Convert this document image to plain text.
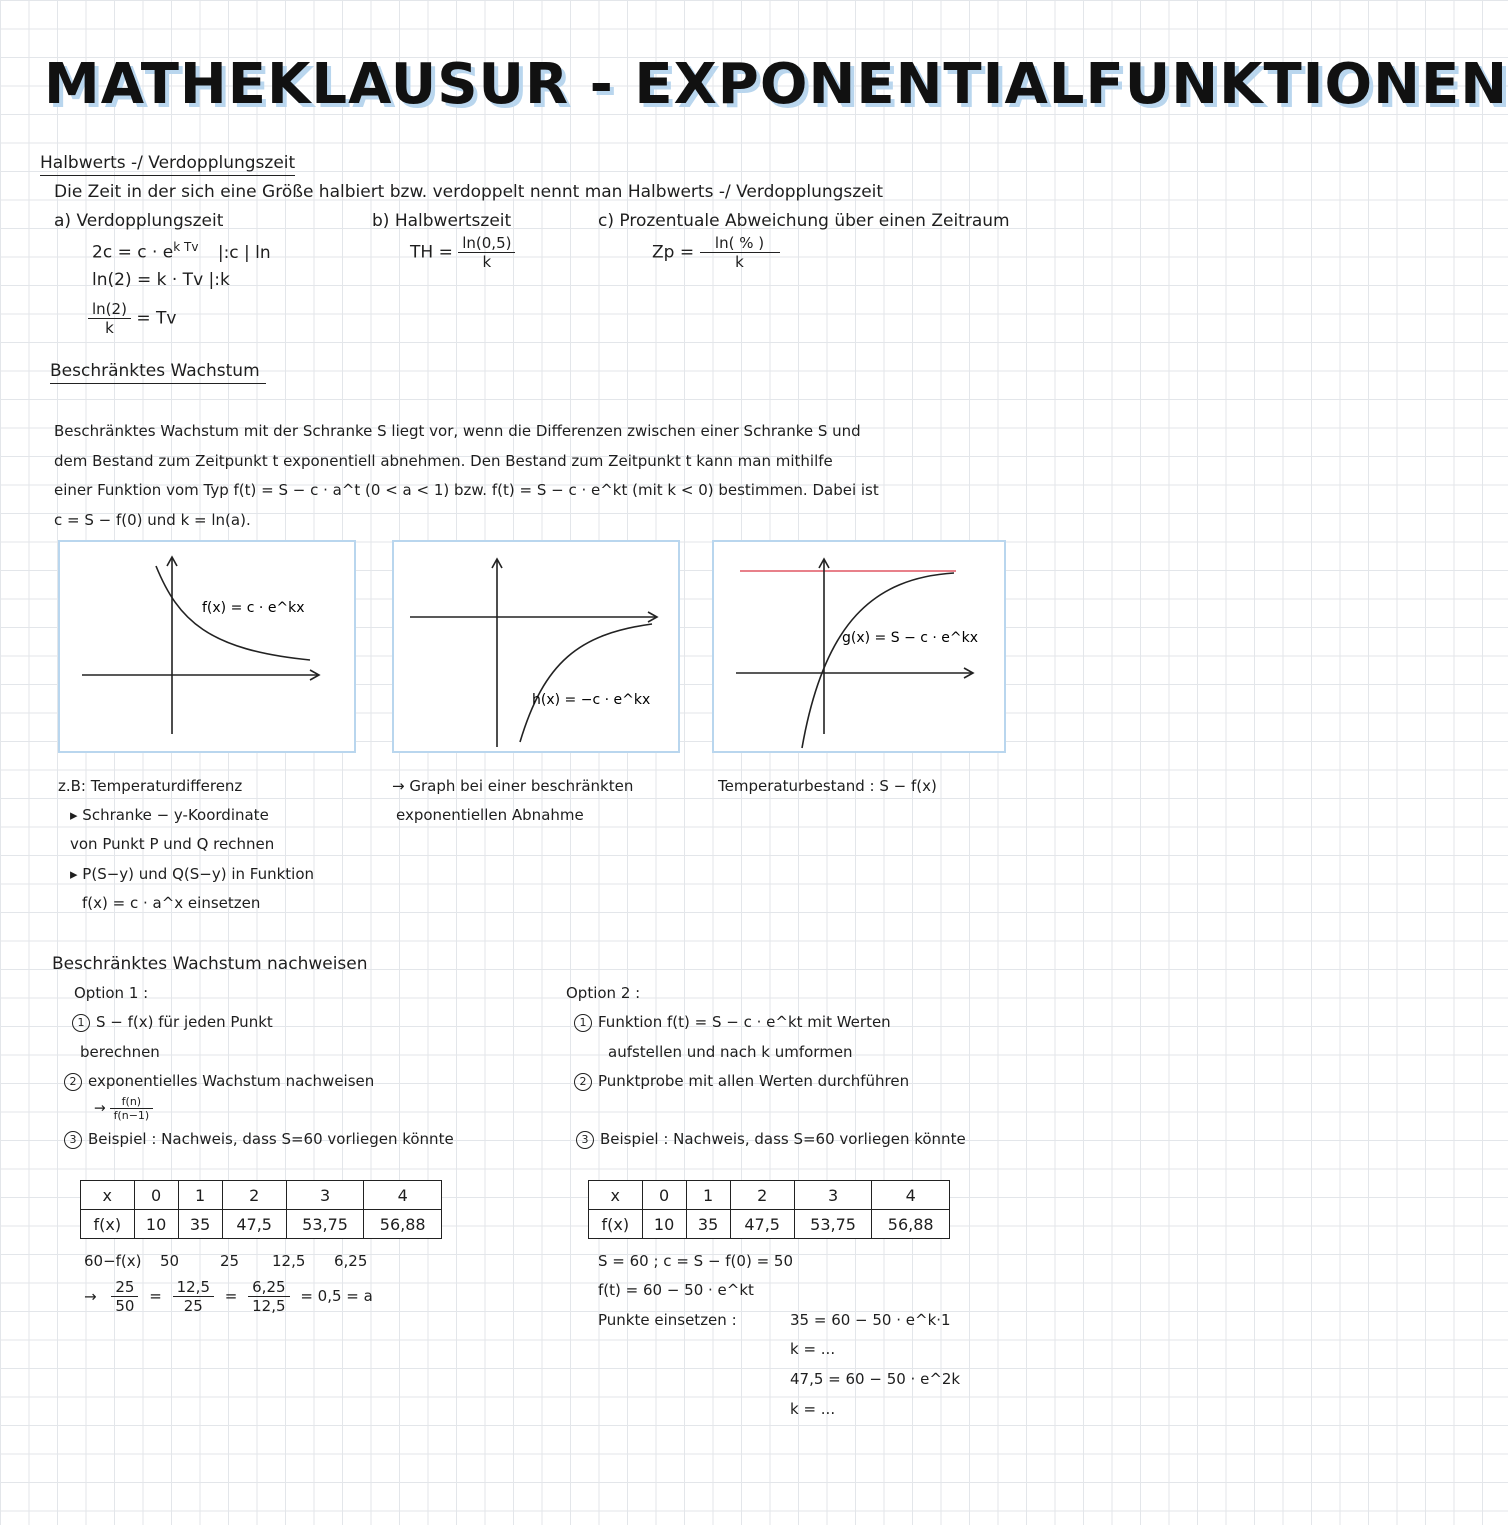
MATHEKLAUSUR - EXPONENTIALFUNKTIONEN
Halbwerts -/ Verdopplungszeit
Die Zeit in der sich eine Größe halbiert bzw. verdoppelt nennt man Halbwerts -/ Verdopplungszeit
a) Verdopplungszeit
$2c = c \cdot e^{k Tv}$ |:c | ln
ln(2) = k · Tv |:k
$\frac{\ln(2)}{k} = Tv$
b) Halbwertszeit
TH = $\frac{\ln(0,5)}{k}$
c) Prozentuale Abweichung über einen Zeitraum
$Zp = \frac{\ln( \% )}{k}$
Beschränktes Wachstum
Beschränktes Wachstum mit der Schranke S liegt vor, wenn die Differenzen zwischen einer Schranke S und
dem Bestand zum Zeitpunkt t exponentiell abnehmen. Den Bestand zum Zeitpunkt t kann man mithilfe
einer Funktion vom Typ f(t) = S − c · a^t (0 < a < 1) bzw. f(t) = S − c · e^kt (mit k < 0) bestimmen. Dabei ist
c = S − f(0) und k = ln(a).
f(x) = c · e^kx
h(x) = −c · e^kx
g(x) = S − c · e^kx
z.B: Temperaturdifferenz
▸ Schranke − y-Koordinate
von Punkt P und Q rechnen
▸ P(S−y) und Q(S−y) in Funktion
f(x) = c · a^x einsetzen
→ Graph bei einer beschränkten
exponentiellen Abnahme
Temperaturbestand : S − f(x)
Beschränktes Wachstum nachweisen
Option 1 :
1 S − f(x) für jeden Punkt
berechnen
2 exponentielles Wachstum nachweisen
→ $\frac{f(n)}{f(n-1)}$
3 Beispiel : Nachweis, dass S=60 vorliegen könnte
x	0	1	2	3	4
f(x)	10	35	47,5	53,75	56,88
60−f(x) 50	25 12,5 6,25
→ $\frac{25}{50} = \frac{12,5}{25} = \frac{6,25}{12,5} = 0,5 = a$
Option 2 :
1 Funktion f(t) = S − c · e^kt mit Werten
aufstellen und nach k umformen
2 Punktprobe mit allen Werten durchführen
3 Beispiel : Nachweis, dass S=60 vorliegen könnte
x	0	1	2	3	4
f(x)	10	35	47,5	53,75	56,88
S = 60 ; c = S − f(0) = 50
f(t) = 60 − 50 · e^kt
Punkte einsetzen :	35 = 60 − 50 · e^k·1
k = ...
47,5 = 60 − 50 · e^2k
k = ...
